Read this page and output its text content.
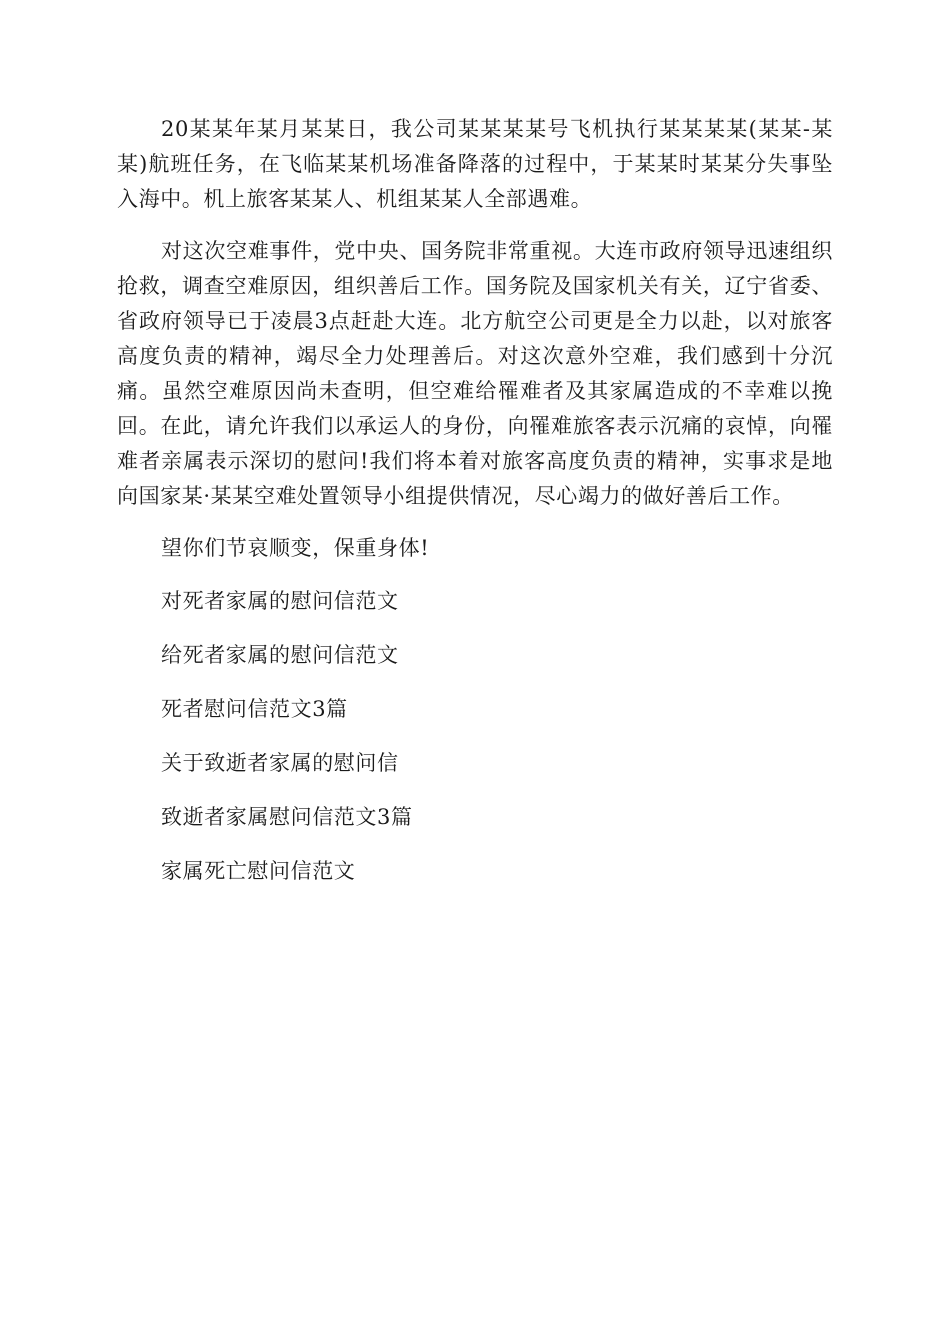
20某某年某月某某日，我公司某某某某号飞机执行某某某某(某某-某某)航班任务，在飞临某某机场准备降落的过程中，于某某时某某分失事坠入海中。机上旅客某某人、机组某某人全部遇难。

对这次空难事件，党中央、国务院非常重视。大连市政府领导迅速组织抢救，调查空难原因，组织善后工作。国务院及国家机关有关，辽宁省委、省政府领导已于凌晨3点赶赴大连。北方航空公司更是全力以赴，以对旅客高度负责的精神，竭尽全力处理善后。对这次意外空难，我们感到十分沉痛。虽然空难原因尚未查明，但空难给罹难者及其家属造成的不幸难以挽回。在此，请允许我们以承运人的身份，向罹难旅客表示沉痛的哀悼，向罹难者亲属表示深切的慰问!我们将本着对旅客高度负责的精神，实事求是地向国家某·某某空难处置领导小组提供情况，尽心竭力的做好善后工作。

望你们节哀顺变，保重身体!

对死者家属的慰问信范文

给死者家属的慰问信范文

死者慰问信范文3篇

关于致逝者家属的慰问信

致逝者家属慰问信范文3篇

家属死亡慰问信范文
